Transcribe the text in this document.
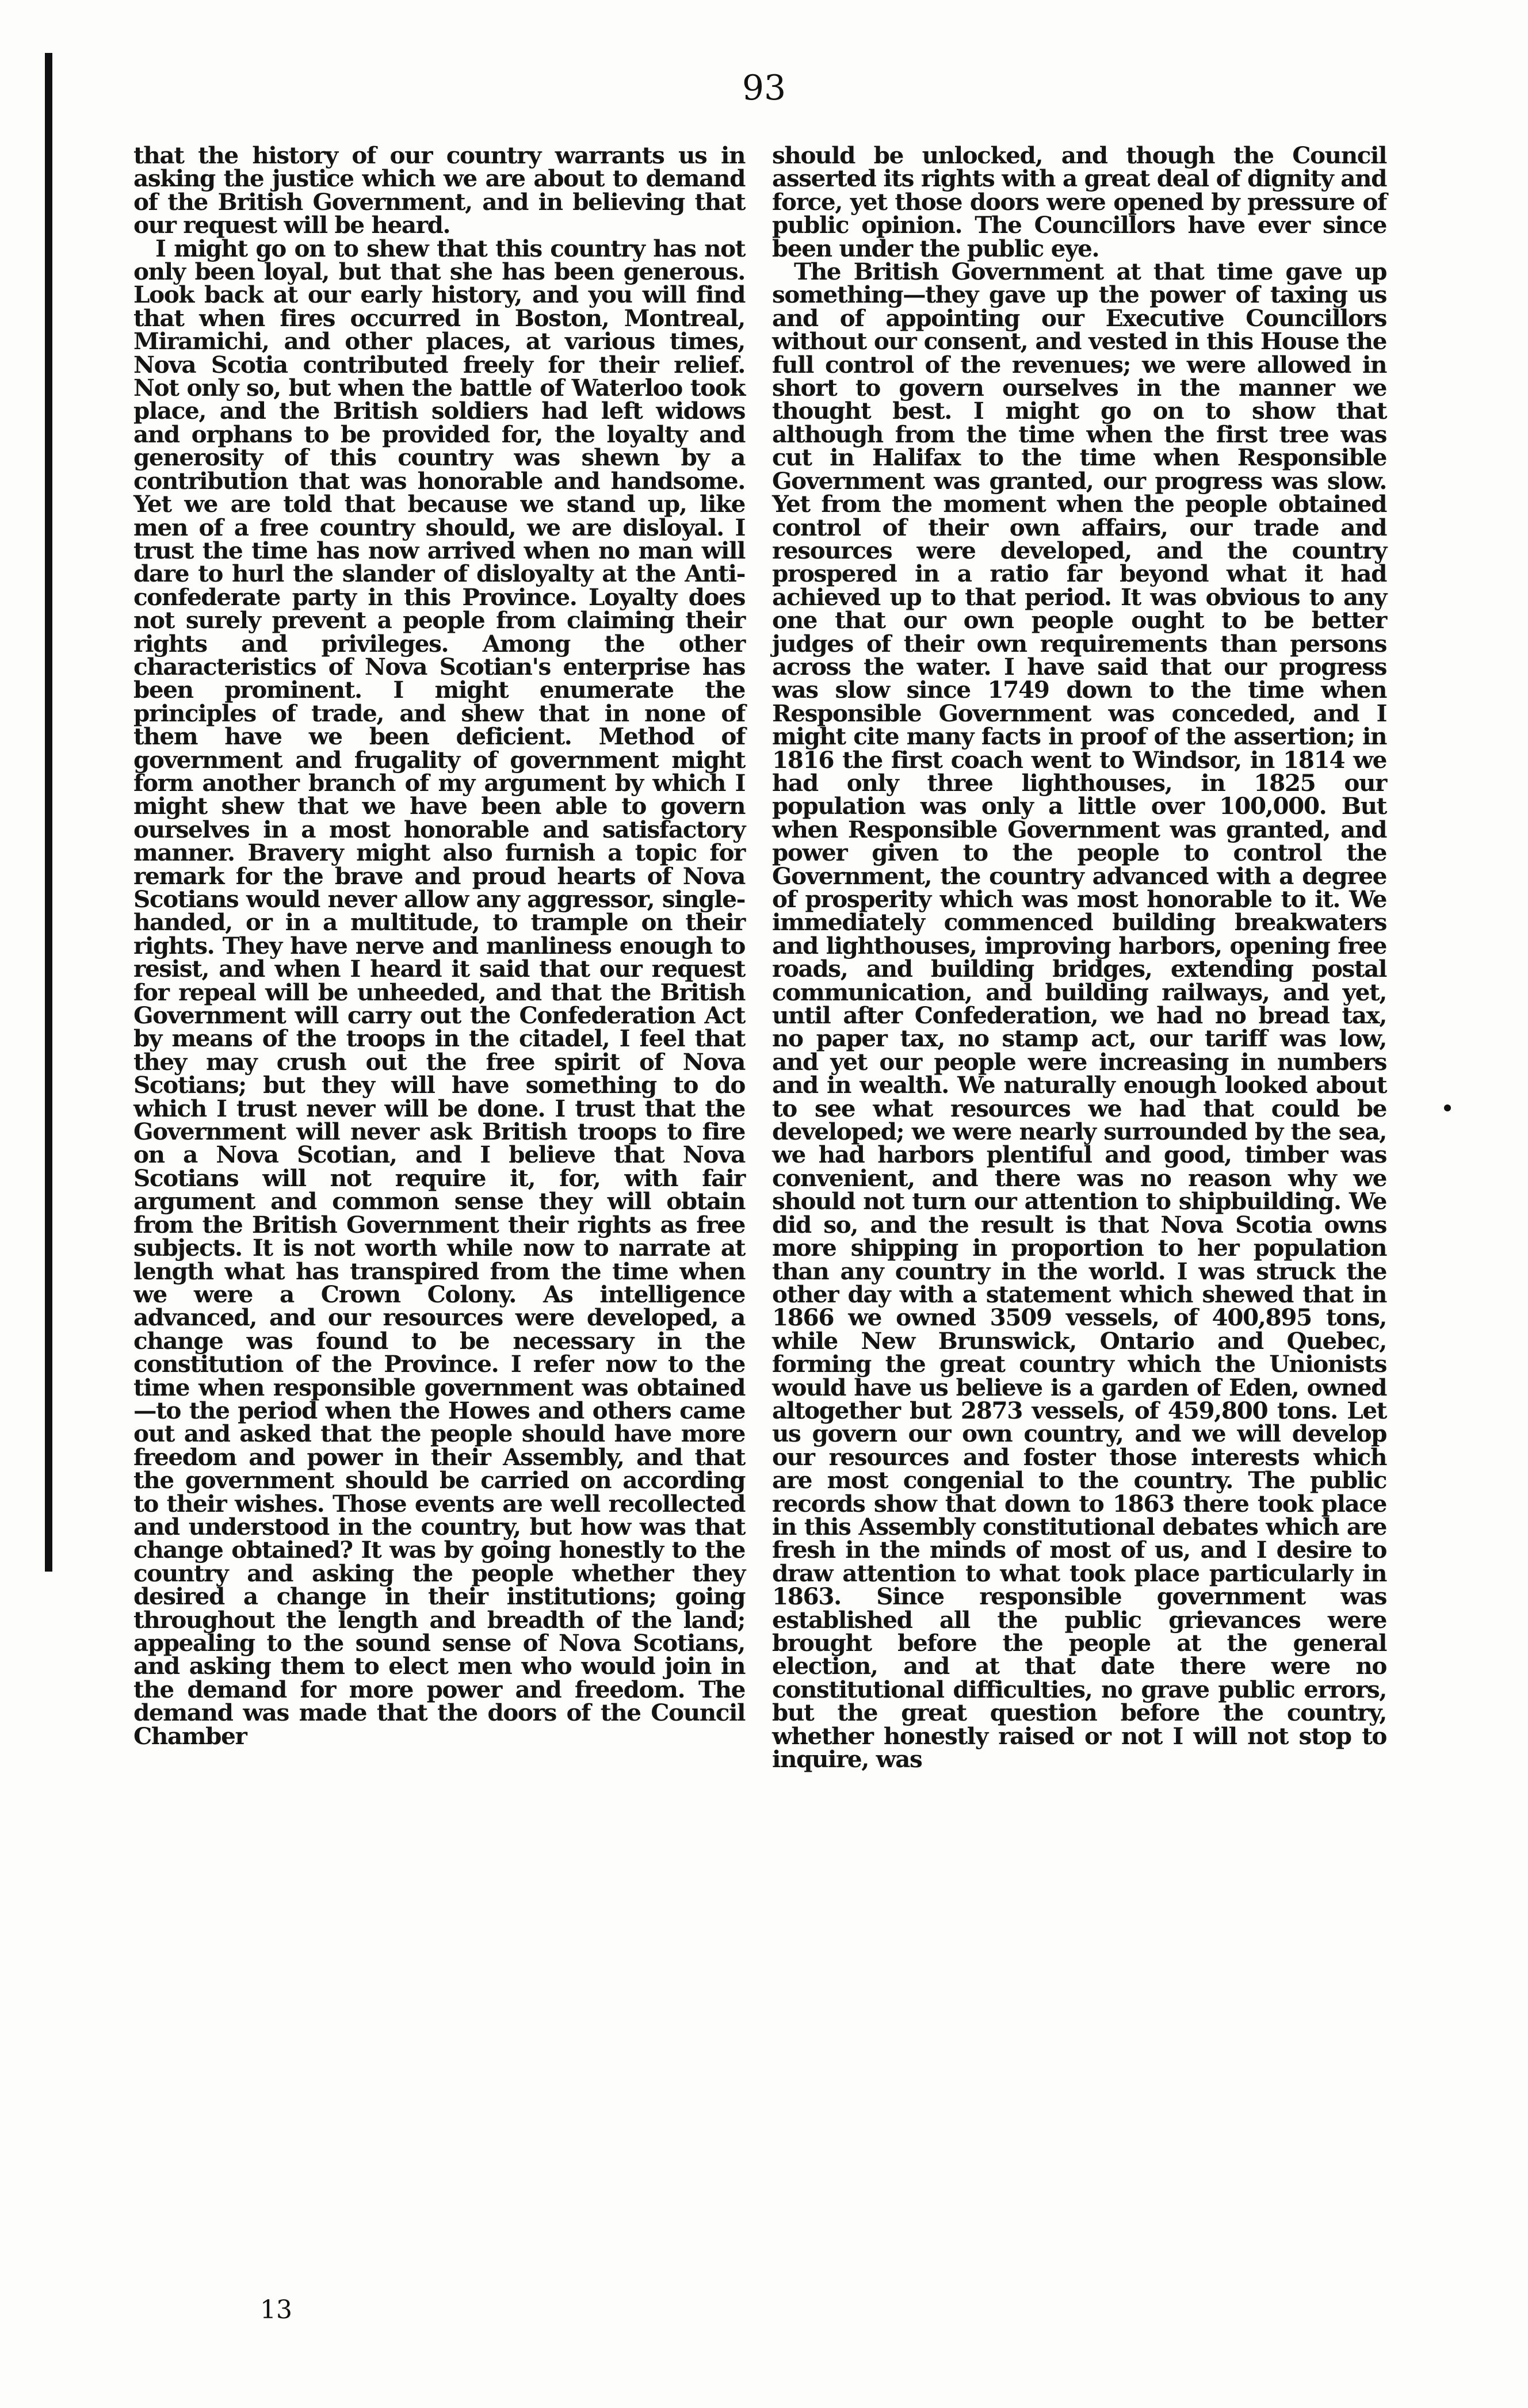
93

that the history of our country warrants us in asking the justice which we are about to demand of the British Government, and in believing that our request will be heard.

I might go on to shew that this country has not only been loyal, but that she has been generous. Look back at our early history, and you will find that when fires occurred in Boston, Montreal, Miramichi, and other places, at various times, Nova Scotia contributed freely for their relief. Not only so, but when the battle of Waterloo took place, and the British soldiers had left widows and orphans to be provided for, the loyalty and generosity of this country was shewn by a contribution that was honorable and handsome. Yet we are told that because we stand up, like men of a free country should, we are disloyal. I trust the time has now arrived when no man will dare to hurl the slander of disloyalty at the Anti-confederate party in this Province. Loyalty does not surely prevent a people from claiming their rights and privileges. Among the other characteristics of Nova Scotian's enterprise has been prominent. I might enumerate the principles of trade, and shew that in none of them have we been deficient. Method of government and frugality of government might form another branch of my argument by which I might shew that we have been able to govern ourselves in a most honorable and satisfactory manner. Bravery might also furnish a topic for remark for the brave and proud hearts of Nova Scotians would never allow any aggressor, single-handed, or in a multitude, to trample on their rights. They have nerve and manliness enough to resist, and when I heard it said that our request for repeal will be unheeded, and that the British Government will carry out the Confederation Act by means of the troops in the citadel, I feel that they may crush out the free spirit of Nova Scotians; but they will have something to do which I trust never will be done. I trust that the Government will never ask British troops to fire on a Nova Scotian, and I believe that Nova Scotians will not require it, for, with fair argument and common sense they will obtain from the British Government their rights as free subjects. It is not worth while now to narrate at length what has transpired from the time when we were a Crown Colony. As intelligence advanced, and our resources were developed, a change was found to be necessary in the constitution of the Province. I refer now to the time when responsible government was obtained—to the period when the Howes and others came out and asked that the people should have more freedom and power in their Assembly, and that the government should be carried on according to their wishes. Those events are well recollected and understood in the country, but how was that change obtained? It was by going honestly to the country and asking the people whether they desired a change in their institutions; going throughout the length and breadth of the land; appealing to the sound sense of Nova Scotians, and asking them to elect men who would join in the demand for more power and freedom. The demand was made that the doors of the Council Chamber

should be unlocked, and though the Council asserted its rights with a great deal of dignity and force, yet those doors were opened by pressure of public opinion. The Councillors have ever since been under the public eye.

The British Government at that time gave up something—they gave up the power of taxing us and of appointing our Executive Councillors without our consent, and vested in this House the full control of the revenues; we were allowed in short to govern ourselves in the manner we thought best. I might go on to show that although from the time when the first tree was cut in Halifax to the time when Responsible Government was granted, our progress was slow. Yet from the moment when the people obtained control of their own affairs, our trade and resources were developed, and the country prospered in a ratio far beyond what it had achieved up to that period. It was obvious to any one that our own people ought to be better judges of their own requirements than persons across the water. I have said that our progress was slow since 1749 down to the time when Responsible Government was conceded, and I might cite many facts in proof of the assertion; in 1816 the first coach went to Windsor, in 1814 we had only three lighthouses, in 1825 our population was only a little over 100,000. But when Responsible Government was granted, and power given to the people to control the Government, the country advanced with a degree of prosperity which was most honorable to it. We immediately commenced building breakwaters and lighthouses, improving harbors, opening free roads, and building bridges, extending postal communication, and building railways, and yet, until after Confederation, we had no bread tax, no paper tax, no stamp act, our tariff was low, and yet our people were increasing in numbers and in wealth. We naturally enough looked about to see what resources we had that could be developed; we were nearly surrounded by the sea, we had harbors plentiful and good, timber was convenient, and there was no reason why we should not turn our attention to shipbuilding. We did so, and the result is that Nova Scotia owns more shipping in proportion to her population than any country in the world. I was struck the other day with a statement which shewed that in 1866 we owned 3509 vessels, of 400,895 tons, while New Brunswick, Ontario and Quebec, forming the great country which the Unionists would have us believe is a garden of Eden, owned altogether but 2873 vessels, of 459,800 tons. Let us govern our own country, and we will develop our resources and foster those interests which are most congenial to the country. The public records show that down to 1863 there took place in this Assembly constitutional debates which are fresh in the minds of most of us, and I desire to draw attention to what took place particularly in 1863. Since responsible government was established all the public grievances were brought before the people at the general election, and at that date there were no constitutional difficulties, no grave public errors, but the great question before the country, whether honestly raised or not I will not stop to inquire, was

13
